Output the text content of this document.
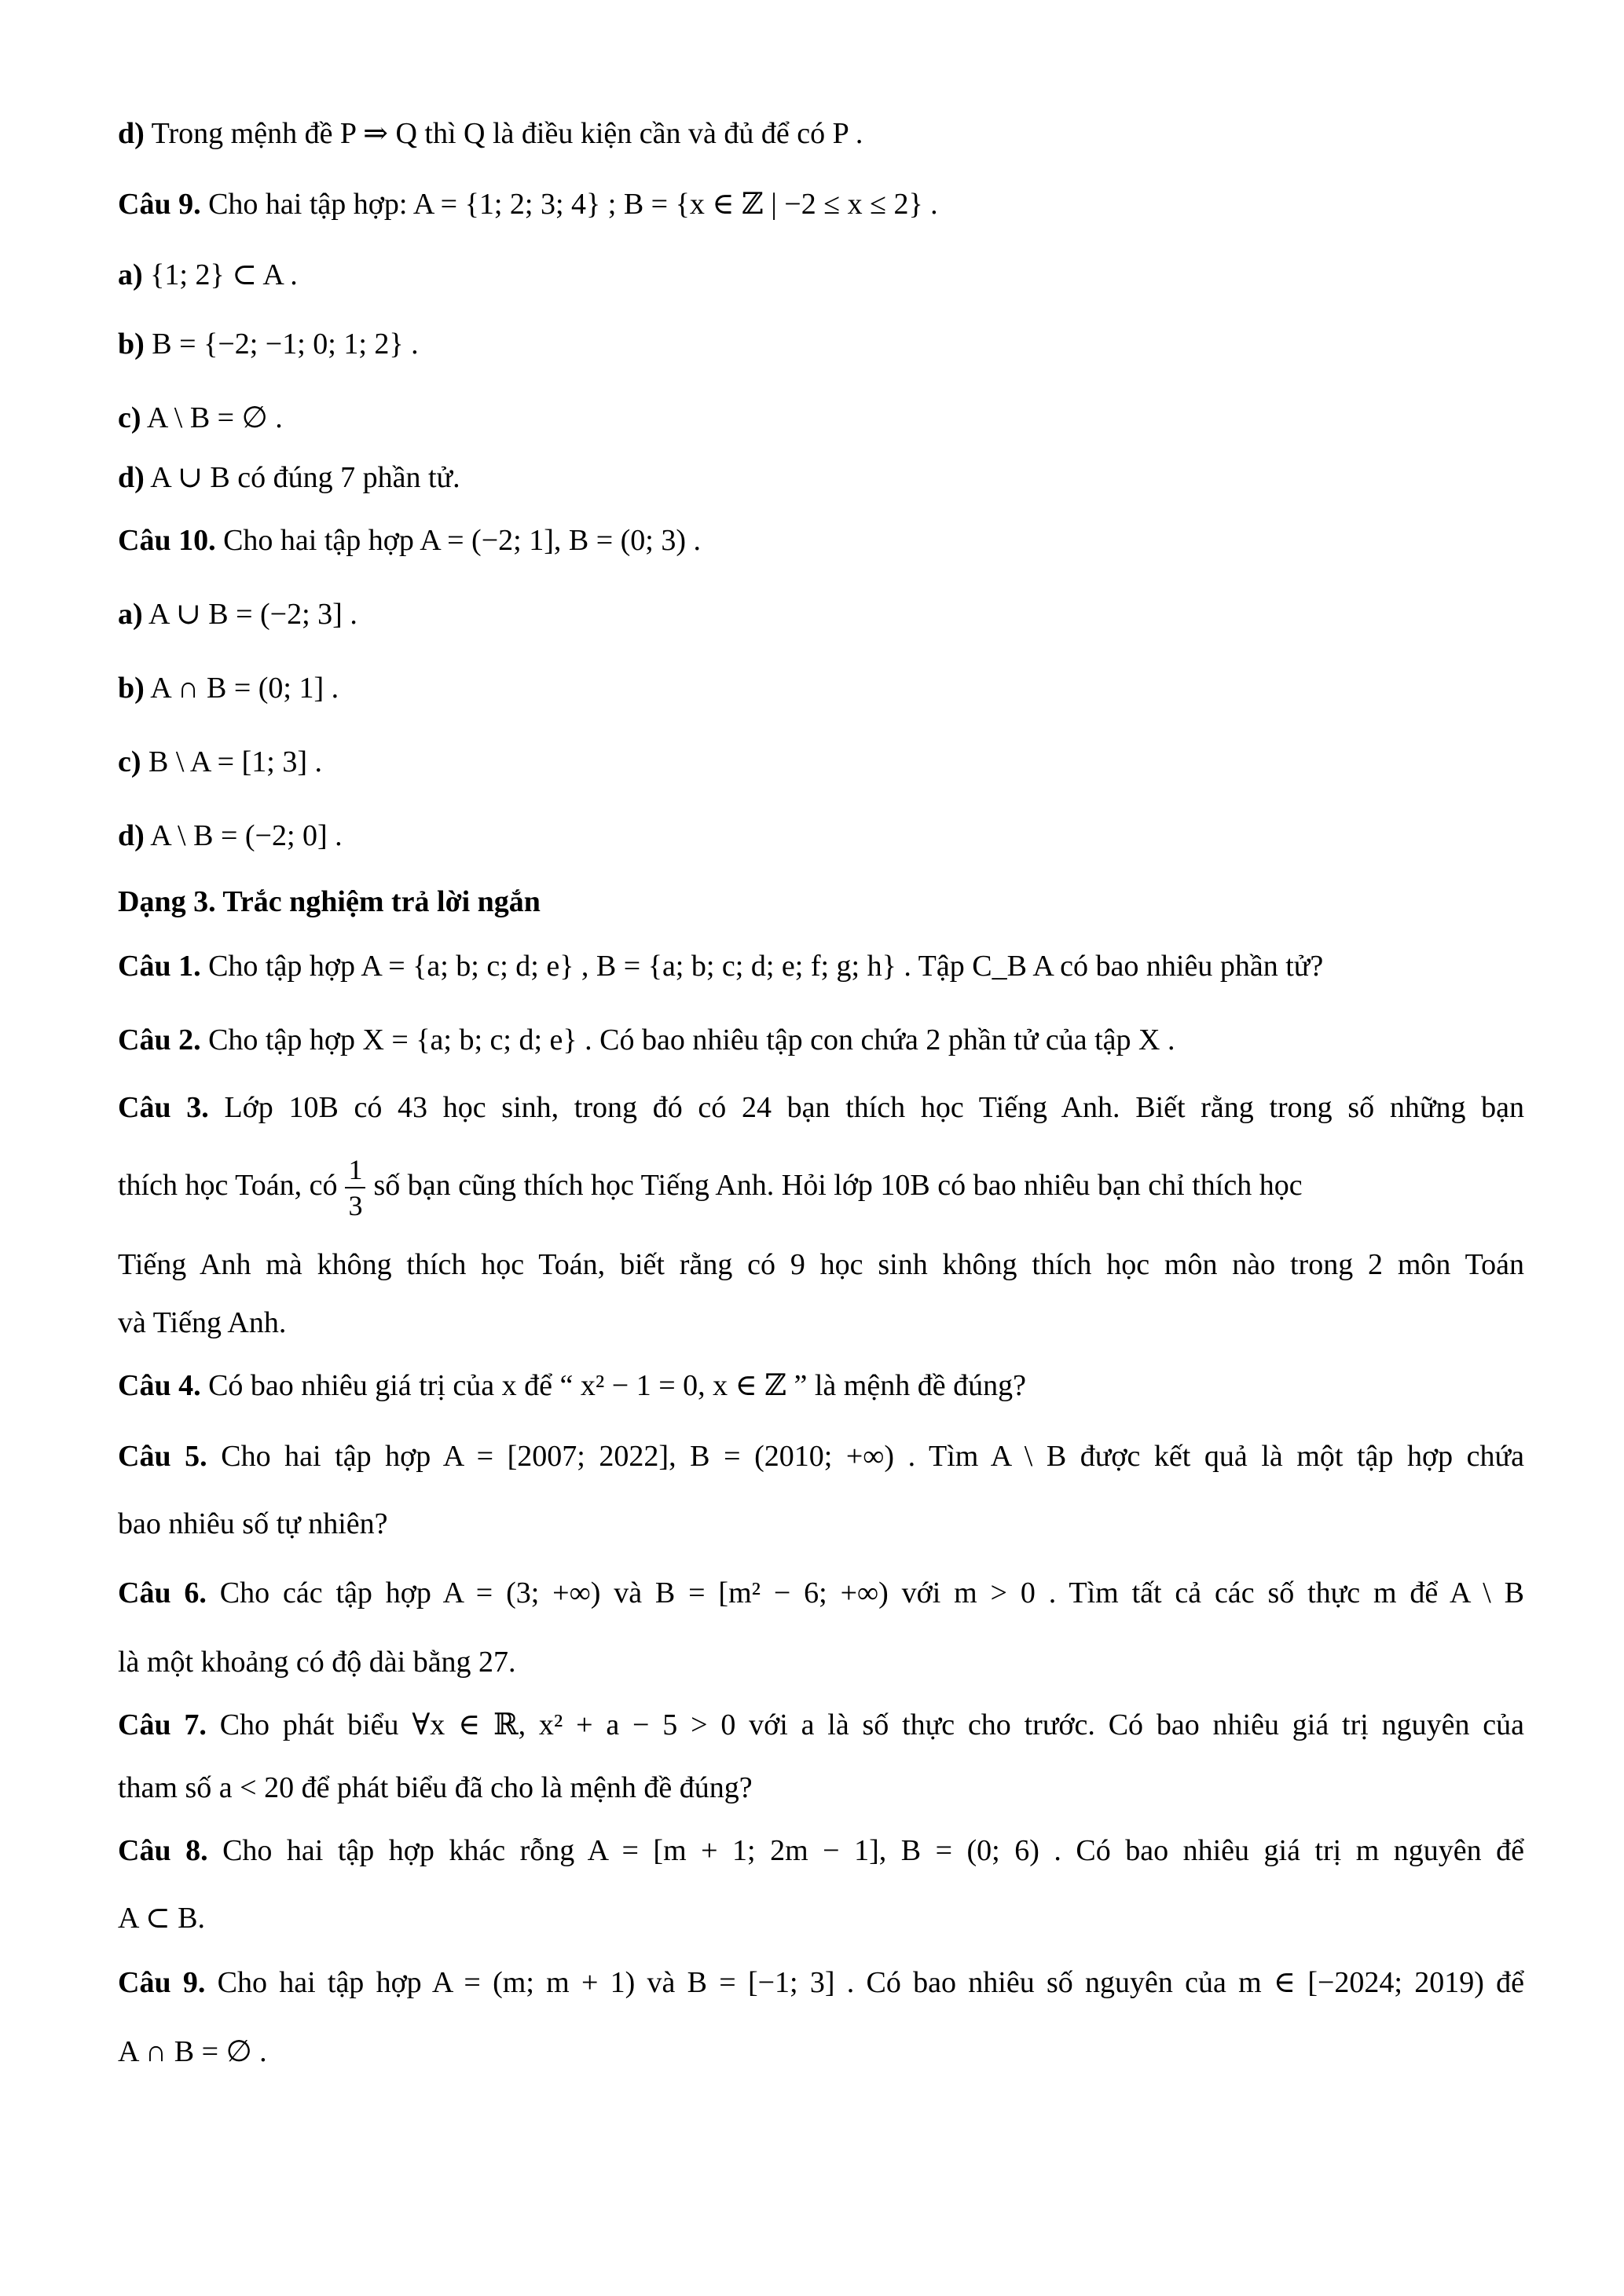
d) Trong mệnh đề P ⇒ Q thì Q là điều kiện cần và đủ để có P .
Câu 9. Cho hai tập hợp: A = {1; 2; 3; 4} ; B = {x ∈ ℤ | −2 ≤ x ≤ 2} .
a) {1; 2} ⊂ A .
b) B = {−2; −1; 0; 1; 2} .
c) A \ B = ∅ .
d) A ∪ B có đúng 7 phần tử.
Câu 10. Cho hai tập hợp A = (−2; 1], B = (0; 3) .
a) A ∪ B = (−2; 3] .
b) A ∩ B = (0; 1] .
c) B \ A = [1; 3] .
d) A \ B = (−2; 0] .
Dạng 3. Trắc nghiệm trả lời ngắn
Câu 1. Cho tập hợp A = {a; b; c; d; e} , B = {a; b; c; d; e; f; g; h} . Tập C_B A có bao nhiêu phần tử?
Câu 2. Cho tập hợp X = {a; b; c; d; e} . Có bao nhiêu tập con chứa 2 phần tử của tập X .
Câu 3. Lớp 10B có 43 học sinh, trong đó có 24 bạn thích học Tiếng Anh. Biết rằng trong số những bạn
thích học Toán, có $\frac{1}{3}$ số bạn cũng thích học Tiếng Anh. Hỏi lớp 10B có bao nhiêu bạn chỉ thích học
Tiếng Anh mà không thích học Toán, biết rằng có 9 học sinh không thích học môn nào trong 2 môn Toán
và Tiếng Anh.
Câu 4. Có bao nhiêu giá trị của x để “ x² − 1 = 0, x ∈ ℤ ” là mệnh đề đúng?
Câu 5. Cho hai tập hợp A = [2007; 2022], B = (2010; +∞) . Tìm A \ B được kết quả là một tập hợp chứa
bao nhiêu số tự nhiên?
Câu 6. Cho các tập hợp A = (3; +∞) và B = [m² − 6; +∞) với m > 0 . Tìm tất cả các số thực m để A \ B
là một khoảng có độ dài bằng 27.
Câu 7. Cho phát biểu ∀x ∈ ℝ, x² + a − 5 > 0 với a là số thực cho trước. Có bao nhiêu giá trị nguyên của
tham số a < 20 để phát biểu đã cho là mệnh đề đúng?
Câu 8. Cho hai tập hợp khác rỗng A = [m + 1; 2m − 1], B = (0; 6) . Có bao nhiêu giá trị m nguyên để
A ⊂ B.
Câu 9. Cho hai tập hợp A = (m; m + 1) và B = [−1; 3] . Có bao nhiêu số nguyên của m ∈ [−2024; 2019) để
A ∩ B = ∅ .
